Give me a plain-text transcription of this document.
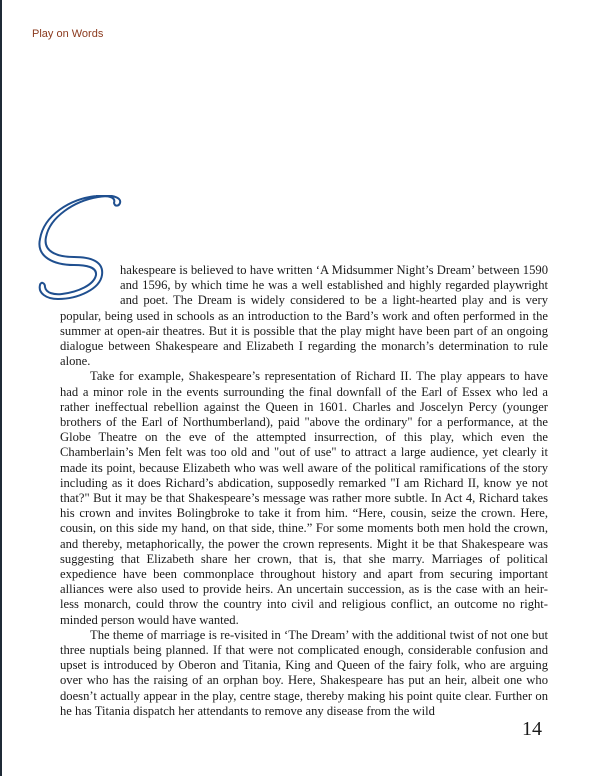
Play on Words

hakespeare is believed to have written ‘A Midsummer Night’s Dream’ between 1590 and 1596, by which time he was a well established and highly regarded playwright and poet. The Dream is widely considered to be a light-hearted play and is very popular, being used in schools as an introduction to the Bard’s work and often performed in the summer at open-air theatres. But it is possible that the play might have been part of an ongoing dialogue between Shakespeare and Elizabeth I regarding the monarch’s determination to rule alone.

Take for example, Shakespeare’s representation of Richard II. The play appears to have had a minor role in the events surrounding the final downfall of the Earl of Essex who led a rather ineffectual rebellion against the Queen in 1601. Charles and Joscelyn Percy (younger brothers of the Earl of Northumberland), paid "above the ordinary" for a performance, at the Globe Theatre on the eve of the attempted insurrection, of this play, which even the Chamberlain’s Men felt was too old and "out of use" to attract a large audience, yet clearly it made its point, because Elizabeth who was well aware of the political ramifications of the story including as it does Richard’s abdication, supposedly remarked "I am Richard II, know ye not that?" But it may be that Shakespeare’s message was rather more subtle. In Act 4, Richard takes his crown and invites Bolingbroke to take it from him. “Here, cousin, seize the crown. Here, cousin, on this side my hand, on that side, thine.” For some moments both men hold the crown, and thereby, metaphorically, the power the crown represents. Might it be that Shakespeare was suggesting that Elizabeth share her crown, that is, that she marry. Marriages of political expedience have been commonplace throughout history and apart from securing important alliances were also used to provide heirs. An uncertain succession, as is the case with an heir-less monarch, could throw the country into civil and religious conflict, an outcome no right-minded person would have wanted.

The theme of marriage is re-visited in ‘The Dream’ with the additional twist of not one but three nuptials being planned. If that were not complicated enough, considerable confusion and upset is introduced by Oberon and Titania, King and Queen of the fairy folk, who are arguing over who has the raising of an orphan boy. Here, Shakespeare has put an heir, albeit one who doesn’t actually appear in the play, centre stage, thereby making his point quite clear. Further on he has Titania dispatch her attendants to remove any disease from the wild

14
